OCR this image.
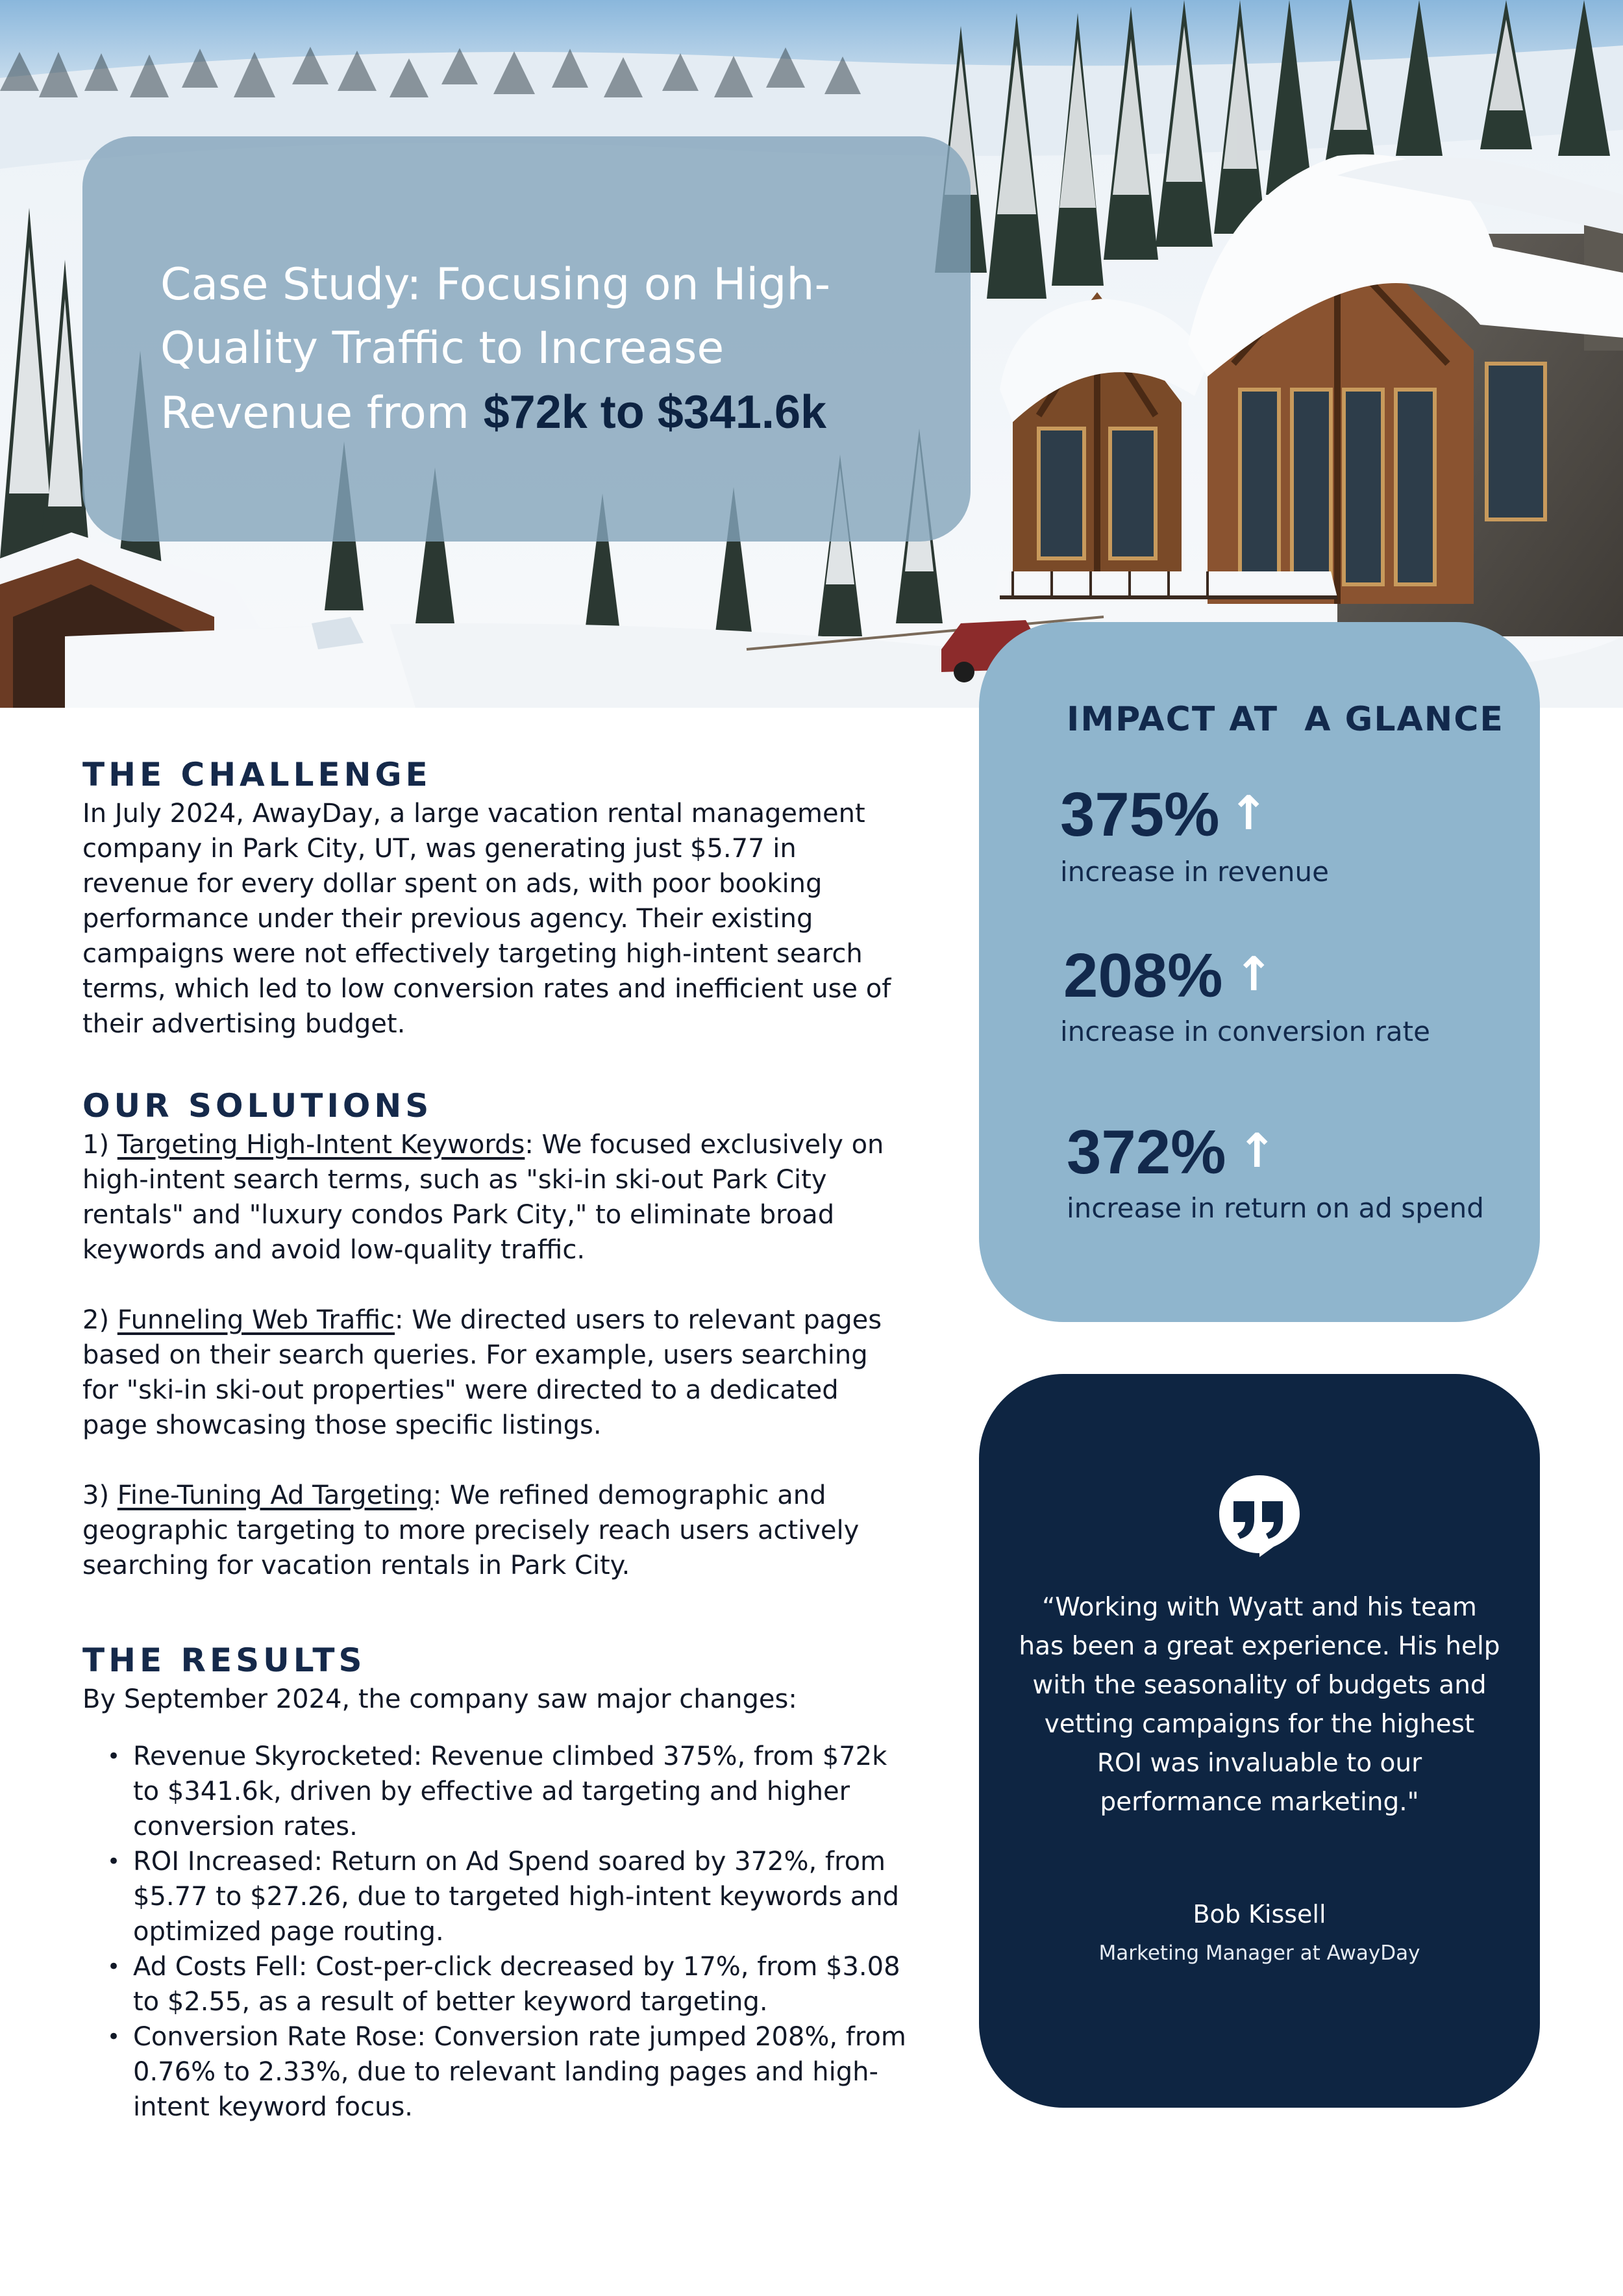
Case Study: Focusing on High-Quality Traffic to Increase Revenue from $72k to $341.6k
THE CHALLENGE

In July 2024, AwayDay, a large vacation rental management company in Park City, UT, was generating just $5.77 in revenue for every dollar spent on ads, with poor booking performance under their previous agency. Their existing campaigns were not effectively targeting high-intent search terms, which led to low conversion rates and inefficient use of their advertising budget.

OUR SOLUTIONS

1) Targeting High-Intent Keywords: We focused exclusively on high-intent search terms, such as "ski-in ski-out Park City rentals" and "luxury condos Park City," to eliminate broad keywords and avoid low-quality traffic.

2) Funneling Web Traffic: We directed users to relevant pages based on their search queries. For example, users searching for "ski-in ski-out properties" were directed to a dedicated page showcasing those specific listings.

3) Fine-Tuning Ad Targeting: We refined demographic and geographic targeting to more precisely reach users actively searching for vacation rentals in Park City.

THE RESULTS

By September 2024, the company saw major changes:

• Revenue Skyrocketed: Revenue climbed 375%, from $72k to $341.6k, driven by effective ad targeting and higher conversion rates.
• ROI Increased: Return on Ad Spend soared by 372%, from $5.77 to $27.26, due to targeted high-intent keywords and optimized page routing.
• Ad Costs Fell: Cost-per-click decreased by 17%, from $3.08 to $2.55, as a result of better keyword targeting.
• Conversion Rate Rose: Conversion rate jumped 208%, from 0.76% to 2.33%, due to relevant landing pages and high-intent keyword focus.
IMPACT AT  A GLANCE
375% ↑
increase in revenue
208% ↑
increase in conversion rate
372% ↑
increase in return on ad spend
“Working with Wyatt and his team has been a great experience. His help with the seasonality of budgets and vetting campaigns for the highest ROI was invaluable to our performance marketing."
Bob Kissell
Marketing Manager at AwayDay
